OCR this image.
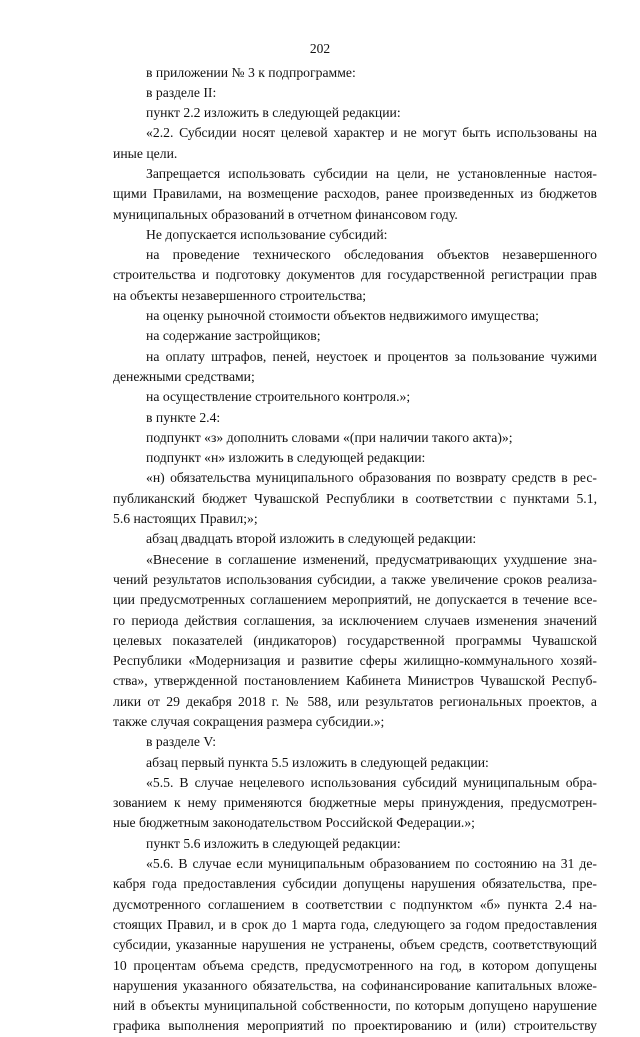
202
в приложении № 3 к подпрограмме:
в разделе II:
пункт 2.2 изложить в следующей редакции:
«2.2. Субсидии носят целевой характер и не могут быть использованы на
иные цели.
Запрещается использовать субсидии на цели, не установленные настоя-
щими Правилами, на возмещение расходов, ранее произведенных из бюджетов
муниципальных образований в отчетном финансовом году.
Не допускается использование субсидий:
на проведение технического обследования объектов незавершенного
строительства и подготовку документов для государственной регистрации прав
на объекты незавершенного строительства;
на оценку рыночной стоимости объектов недвижимого имущества;
на содержание застройщиков;
на оплату штрафов, пеней, неустоек и процентов за пользование чужими
денежными средствами;
на осуществление строительного контроля.»;
в пункте 2.4:
подпункт «з» дополнить словами «(при наличии такого акта)»;
подпункт «н» изложить в следующей редакции:
«н) обязательства муниципального образования по возврату средств в рес-
публиканский бюджет Чувашской Республики в соответствии с пунктами 5.1,
5.6 настоящих Правил;»;
абзац двадцать второй изложить в следующей редакции:
«Внесение в соглашение изменений, предусматривающих ухудшение зна-
чений результатов использования субсидии, а также увеличение сроков реализа-
ции предусмотренных соглашением мероприятий, не допускается в течение все-
го периода действия соглашения, за исключением случаев изменения значений
целевых показателей (индикаторов) государственной программы Чувашской
Республики «Модернизация и развитие сферы жилищно-коммунального хозяй-
ства», утвержденной постановлением Кабинета Министров Чувашской Респуб-
лики от 29 декабря 2018 г. № 588, или результатов региональных проектов, а
также случая сокращения размера субсидии.»;
в разделе V:
абзац первый пункта 5.5 изложить в следующей редакции:
«5.5. В случае нецелевого использования субсидий муниципальным обра-
зованием к нему применяются бюджетные меры принуждения, предусмотрен-
ные бюджетным законодательством Российской Федерации.»;
пункт 5.6 изложить в следующей редакции:
«5.6. В случае если муниципальным образованием по состоянию на 31 де-
кабря года предоставления субсидии допущены нарушения обязательства, пре-
дусмотренного соглашением в соответствии с подпунктом «б» пункта 2.4 на-
стоящих Правил, и в срок до 1 марта года, следующего за годом предоставления
субсидии, указанные нарушения не устранены, объем средств, соответствующий
10 процентам объема средств, предусмотренного на год, в котором допущены
нарушения указанного обязательства, на софинансирование капитальных вложе-
ний в объекты муниципальной собственности, по которым допущено нарушение
графика выполнения мероприятий по проектированию и (или) строительству
